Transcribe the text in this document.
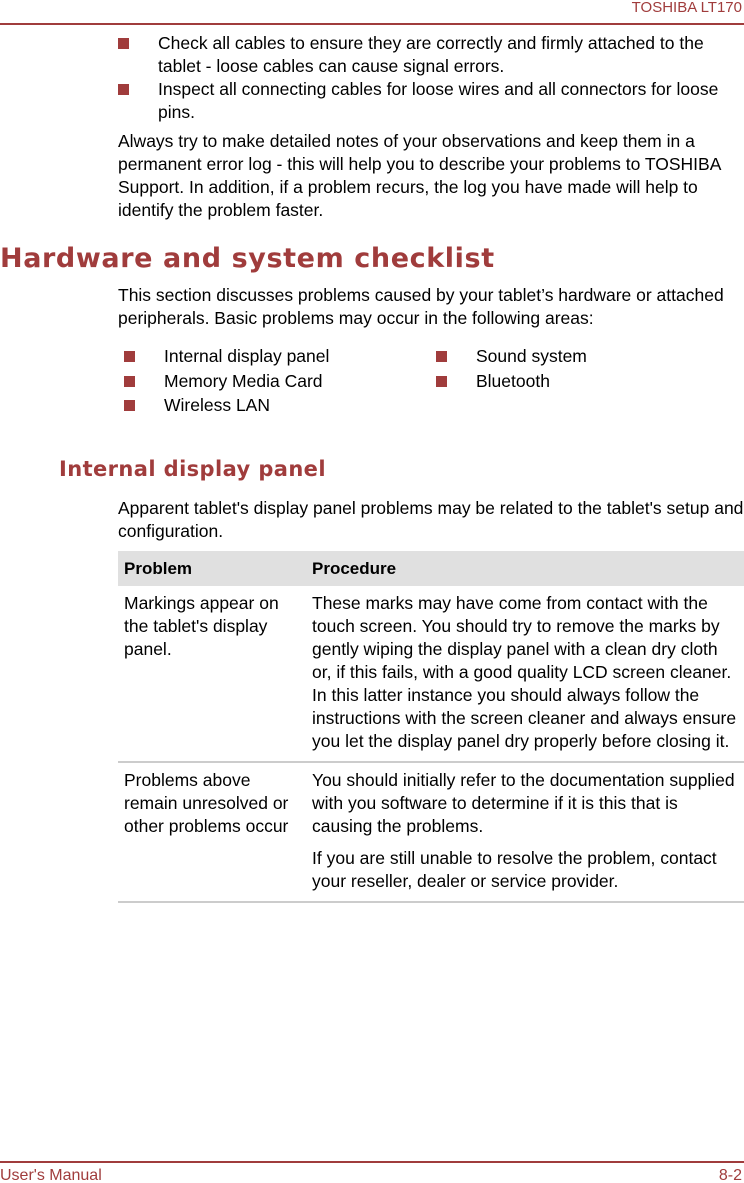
TOSHIBA LT170
Check all cables to ensure they are correctly and firmly attached to the tablet - loose cables can cause signal errors.
Inspect all connecting cables for loose wires and all connectors for loose pins.

Always try to make detailed notes of your observations and keep them in a permanent error log - this will help you to describe your problems to TOSHIBA Support. In addition, if a problem recurs, the log you have made will help to identify the problem faster.

Hardware and system checklist

This section discusses problems caused by your tablet’s hardware or attached peripherals. Basic problems may occur in the following areas:

Internal display panel
Memory Media Card
Wireless LAN
Sound system
Bluetooth
Internal display panel

Apparent tablet's display panel problems may be related to the tablet's setup and configuration.

Problem	Procedure
Markings appear on the tablet's display panel.	These marks may have come from contact with the touch screen. You should try to remove the marks by gently wiping the display panel with a clean dry cloth or, if this fails, with a good quality LCD screen cleaner. In this latter instance you should always follow the instructions with the screen cleaner and always ensure you let the display panel dry properly before closing it.

Problems above remain unresolved or other problems occur	You should initially refer to the documentation supplied with you software to determine if it is this that is causing the problems.
If you are still unable to resolve the problem, contact your reseller, dealer or service provider.
User's Manual	8-2
